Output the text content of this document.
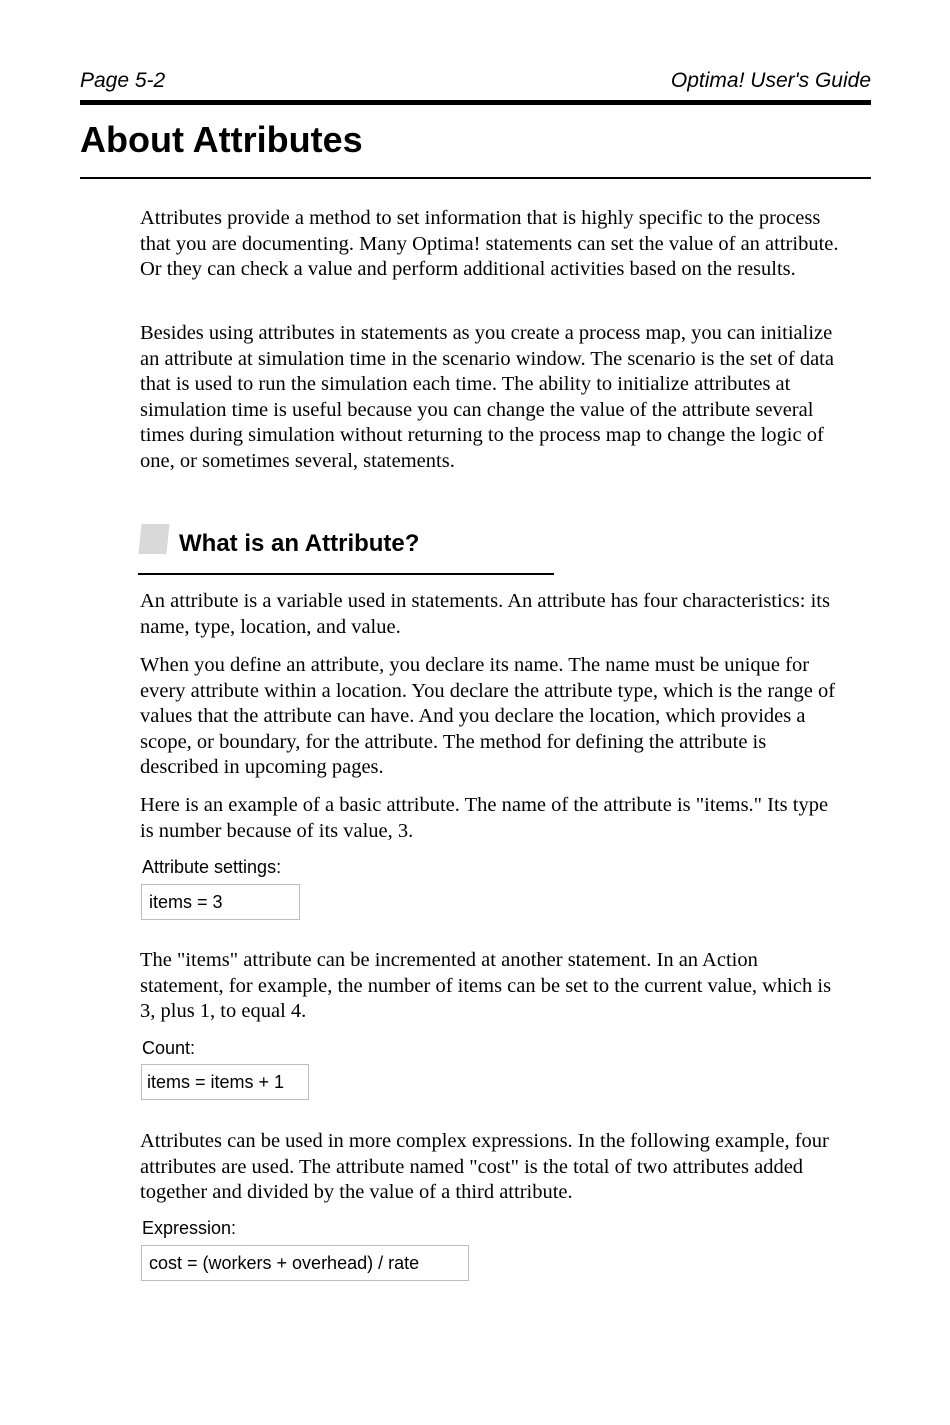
Page 5-2	Optima! User's Guide
About Attributes

Attributes provide a method to set information that is highly specific to the process that you are documenting. Many Optima! statements can set the value of an attribute. Or they can check a value and perform additional activities based on the results.

Besides using attributes in statements as you create a process map, you can initialize an attribute at simulation time in the scenario window. The scenario is the set of data that is used to run the simulation each time. The ability to initialize attributes at simulation time is useful because you can change the value of the attribute several times during simulation without returning to the process map to change the logic of one, or sometimes several, statements.

What is an Attribute?

An attribute is a variable used in statements. An attribute has four characteristics: its name, type, location, and value.

When you define an attribute, you declare its name. The name must be unique for every attribute within a location. You declare the attribute type, which is the range of values that the attribute can have. And you declare the location, which provides a scope, or boundary, for the attribute. The method for defining the attribute is described in upcoming pages.

Here is an example of a basic attribute. The name of the attribute is "items." Its type is number because of its value, 3.

Attribute settings:
items = 3

The "items" attribute can be incremented at another statement. In an Action statement, for example, the number of items can be set to the current value, which is 3, plus 1, to equal 4.

Count:
items = items + 1

Attributes can be used in more complex expressions. In the following example, four attributes are used. The attribute named "cost" is the total of two attributes added together and divided by the value of a third attribute.

Expression:
cost = (workers + overhead) / rate
